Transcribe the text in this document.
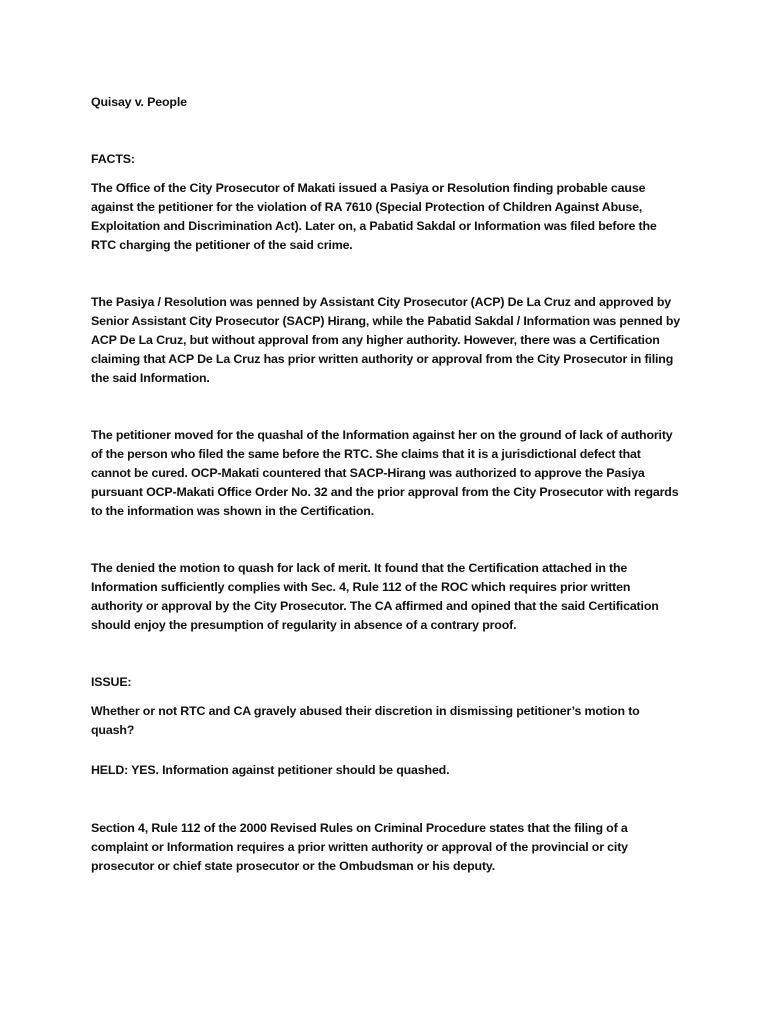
Quisay v. People

FACTS:

The Office of the City Prosecutor of Makati issued a Pasiya or Resolution finding probable cause against the petitioner for the violation of RA 7610 (Special Protection of Children Against Abuse, Exploitation and Discrimination Act). Later on, a Pabatid Sakdal or Information was filed before the RTC charging the petitioner of the said crime.

The Pasiya / Resolution was penned by Assistant City Prosecutor (ACP) De La Cruz and approved by Senior Assistant City Prosecutor (SACP) Hirang, while the Pabatid Sakdal / Information was penned by ACP De La Cruz, but without approval from any higher authority. However, there was a Certification claiming that ACP De La Cruz has prior written authority or approval from the City Prosecutor in filing the said Information.

The petitioner moved for the quashal of the Information against her on the ground of lack of authority of the person who filed the same before the RTC. She claims that it is a jurisdictional defect that cannot be cured. OCP-Makati countered that SACP-Hirang was authorized to approve the Pasiya pursuant OCP-Makati Office Order No. 32 and the prior approval from the City Prosecutor with regards to the information was shown in the Certification.

The denied the motion to quash for lack of merit. It found that the Certification attached in the Information sufficiently complies with Sec. 4, Rule 112 of the ROC which requires prior written authority or approval by the City Prosecutor. The CA affirmed and opined that the said Certification should enjoy the presumption of regularity in absence of a contrary proof.

ISSUE:

Whether or not RTC and CA gravely abused their discretion in dismissing petitioner’s motion to quash?

HELD: YES. Information against petitioner should be quashed.

Section 4, Rule 112 of the 2000 Revised Rules on Criminal Procedure states that the filing of a complaint or Information requires a prior written authority or approval of the provincial or city prosecutor or chief state prosecutor or the Ombudsman or his deputy.
